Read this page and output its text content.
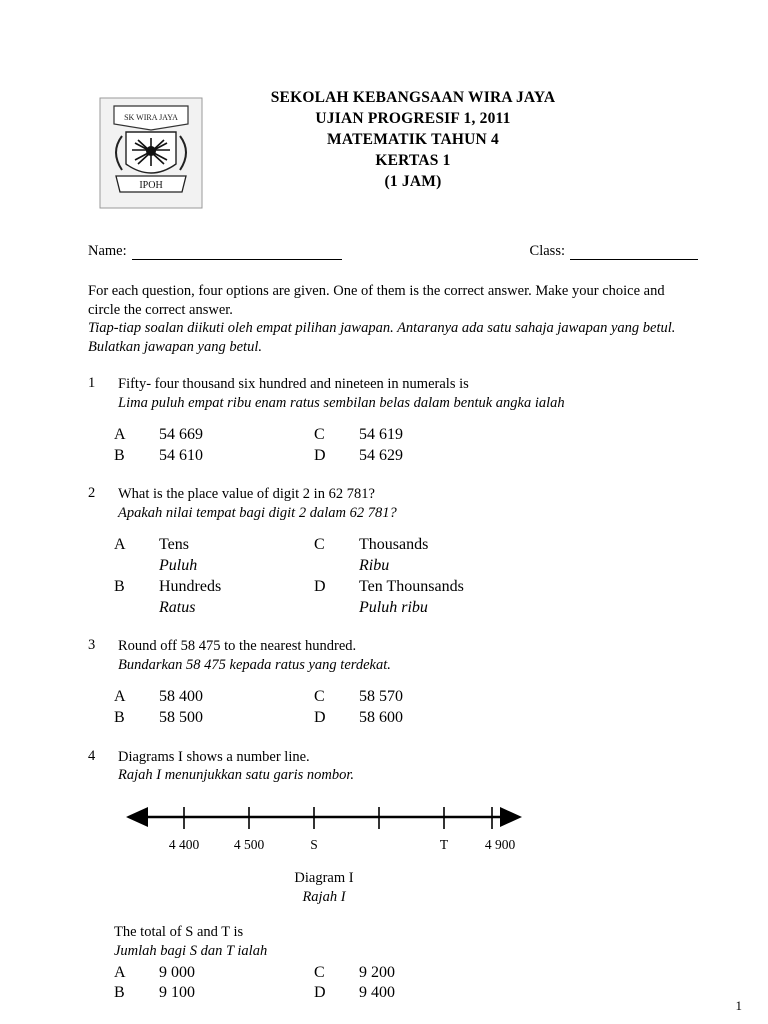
SK WIRA JAYA
IPOH
SEKOLAH KEBANGSAAN WIRA JAYA
UJIAN PROGRESIF 1, 2011
MATEMATIK TAHUN 4
KERTAS 1
(1 JAM)
Name:	Class:
For each question, four options are given. One of them is the correct answer. Make your choice and circle the correct answer.
Tiap-tiap soalan diikuti oleh empat pilihan jawapan. Antaranya ada satu sahaja jawapan yang betul. Bulatkan jawapan yang betul.
1	Fifty- four thousand six hundred and nineteen in numerals is
Lima puluh empat ribu enam ratus sembilan belas dalam bentuk angka ialah
A	54 669	C	54 619
B	54 610	D	54 629
2	What is the place value of digit 2 in 62 781?
Apakah nilai tempat bagi digit 2 dalam 62 781?
A	Tens
Puluh
C	Thousands
Ribu
B	Hundreds
Ratus
D	Ten Thounsands
Puluh ribu
3	Round off 58 475 to the nearest hundred.
Bundarkan 58 475 kepada ratus yang terdekat.
A	58 400	C	58 570
B	58 500	D	58 600
4	Diagrams I shows a number line.
Rajah I menunjukkan satu garis nombor.
4 400	4 500	S	T	4 900
Diagram I
Rajah I
The total of S and T is
Jumlah bagi S dan T ialah
A	9 000	C	9 200
B	9 100	D	9 400
1
